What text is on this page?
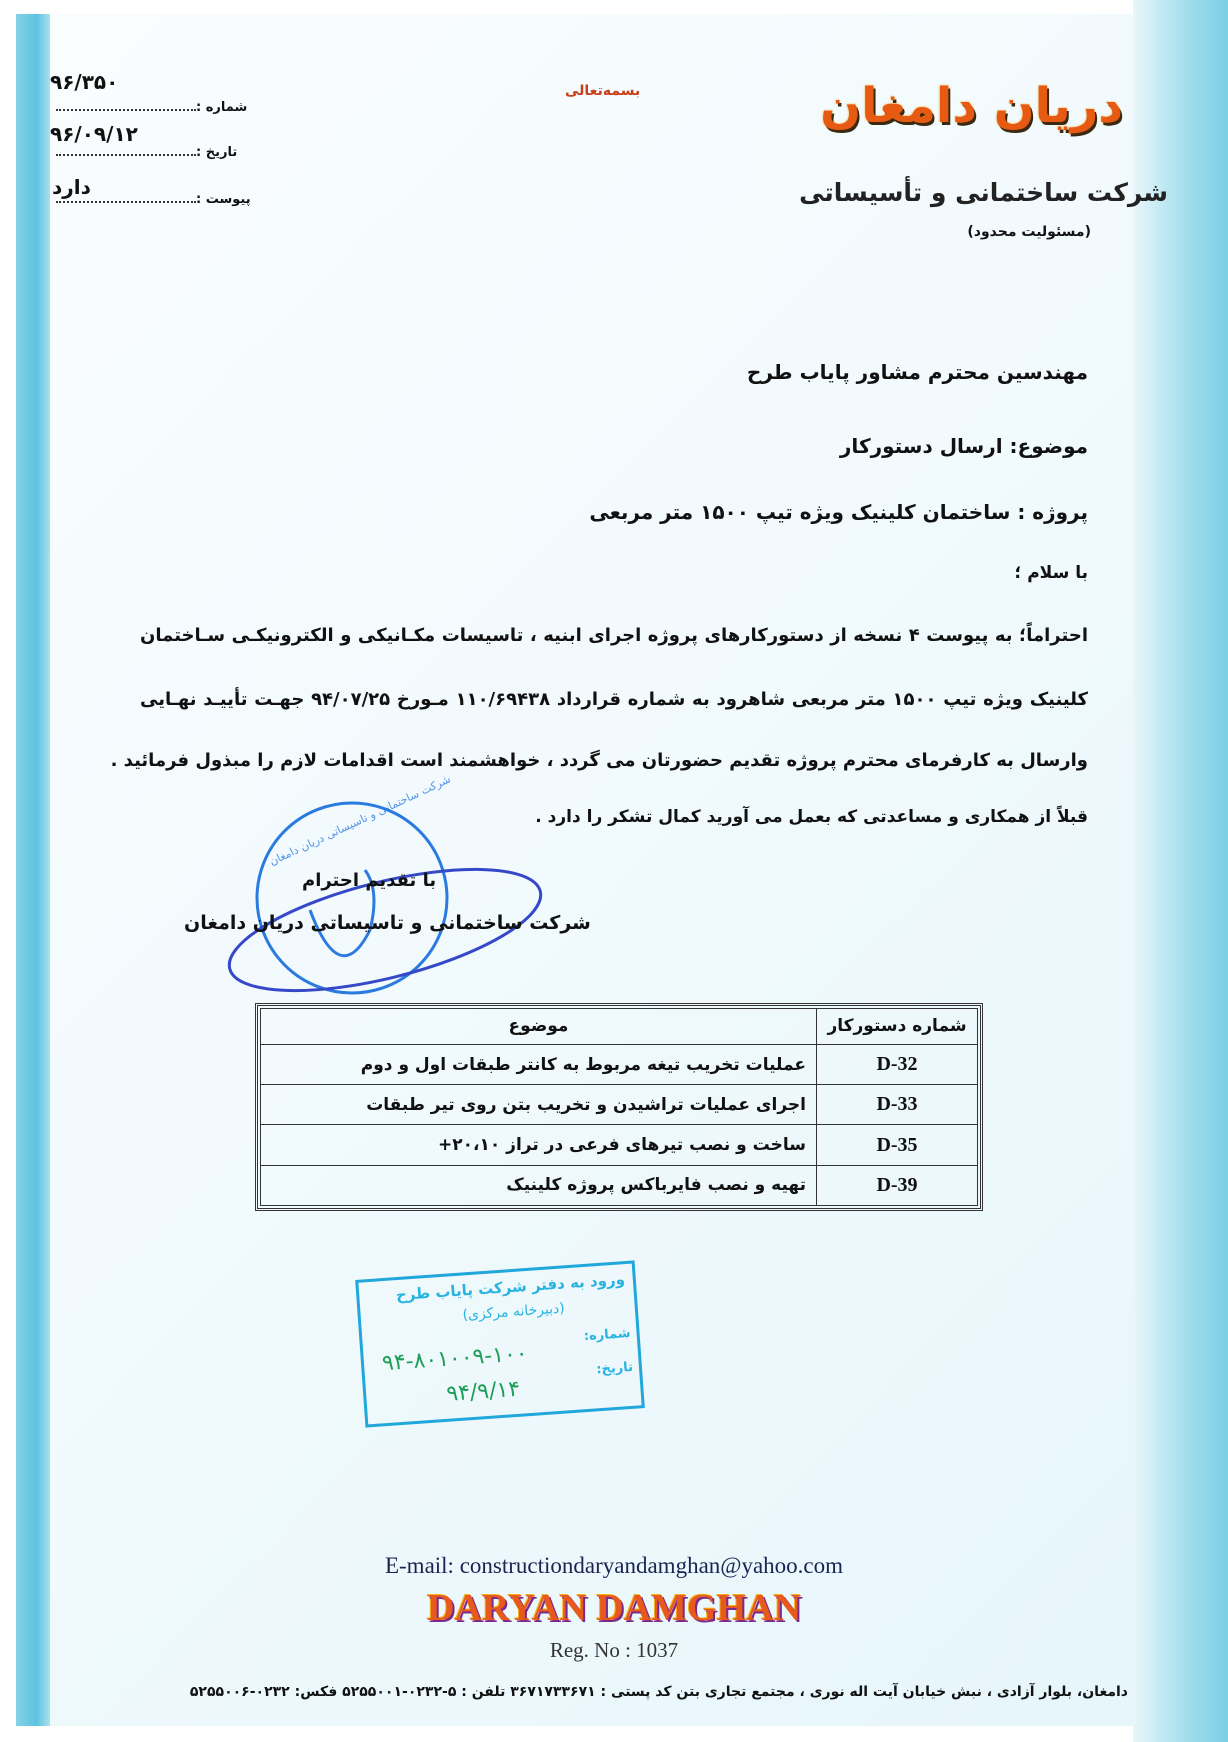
۹۶/۳۵۰
شماره :
۹۶/۰۹/۱۲
تاریخ :
دارد
پیوست :
بسمه‌تعالی	دریان دامغان
شرکت ساختمانی و تأسیساتی
(مسئولیت محدود)
مهندسین محترم مشاور پایاب طرح
موضوع: ارسال دستورکار
پروژه : ساختمان کلینیک ویژه تیپ ۱۵۰۰ متر مربعی
با سلام ؛
احتراماً؛ به پیوست ۴ نسخه از دستورکارهای پروژه اجرای ابنیه ، تاسیسات مکـانیکی و الکترونیکـی سـاختمان
کلینیک ویژه تیپ ۱۵۰۰ متر مربعی شاهرود به شماره قرارداد ۱۱۰/۶۹۴۳۸ مـورخ ۹۴/۰۷/۲۵ جهـت تأییـد نهـایی
وارسال به کارفرمای محترم پروژه تقدیم حضورتان می گردد ، خواهشمند است اقدامات لازم را مبذول فرمائید .
قبلاً از همکاری و مساعدتی که بعمل می آورید کمال تشکر را دارد .
شرکت ساختمانی و تاسیساتی دریان دامغان
با تقدیم احترام
شرکت ساختمانی و تاسیساتی دریان دامغان
موضوع	شماره دستورکار
عملیات تخریب تیغه مربوط به کانتر طبقات اول و دوم	D-32
اجرای عملیات تراشیدن و تخریب بتن روی تیر طبقات	D-33
ساخت و نصب تیرهای فرعی در تراز ۲۰،۱۰+	D-35
تهیه و نصب فایرباکس پروژه کلینیک	D-39
ورود به دفتر شرکت پایاب طرح
(دبیرخانه مرکزی)
شماره:
۹۴-۸۰۱۰۰۹-۱۰۰	تاریخ:
۹۴/۹/۱۴
E-mail: constructiondaryandamghan@yahoo.com
DARYAN DAMGHAN
Reg. No : 1037
دامغان، بلوار آزادی ، نبش خیابان آیت اله نوری ، مجتمع تجاری بتن کد پستی : ۳۶۷۱۷۳۳۶۷۱ تلفن : ۵-۰۲۳۲-۵۲۵۵۰۰۱ فکس: ۰۲۳۲-۵۲۵۵۰۰۶
